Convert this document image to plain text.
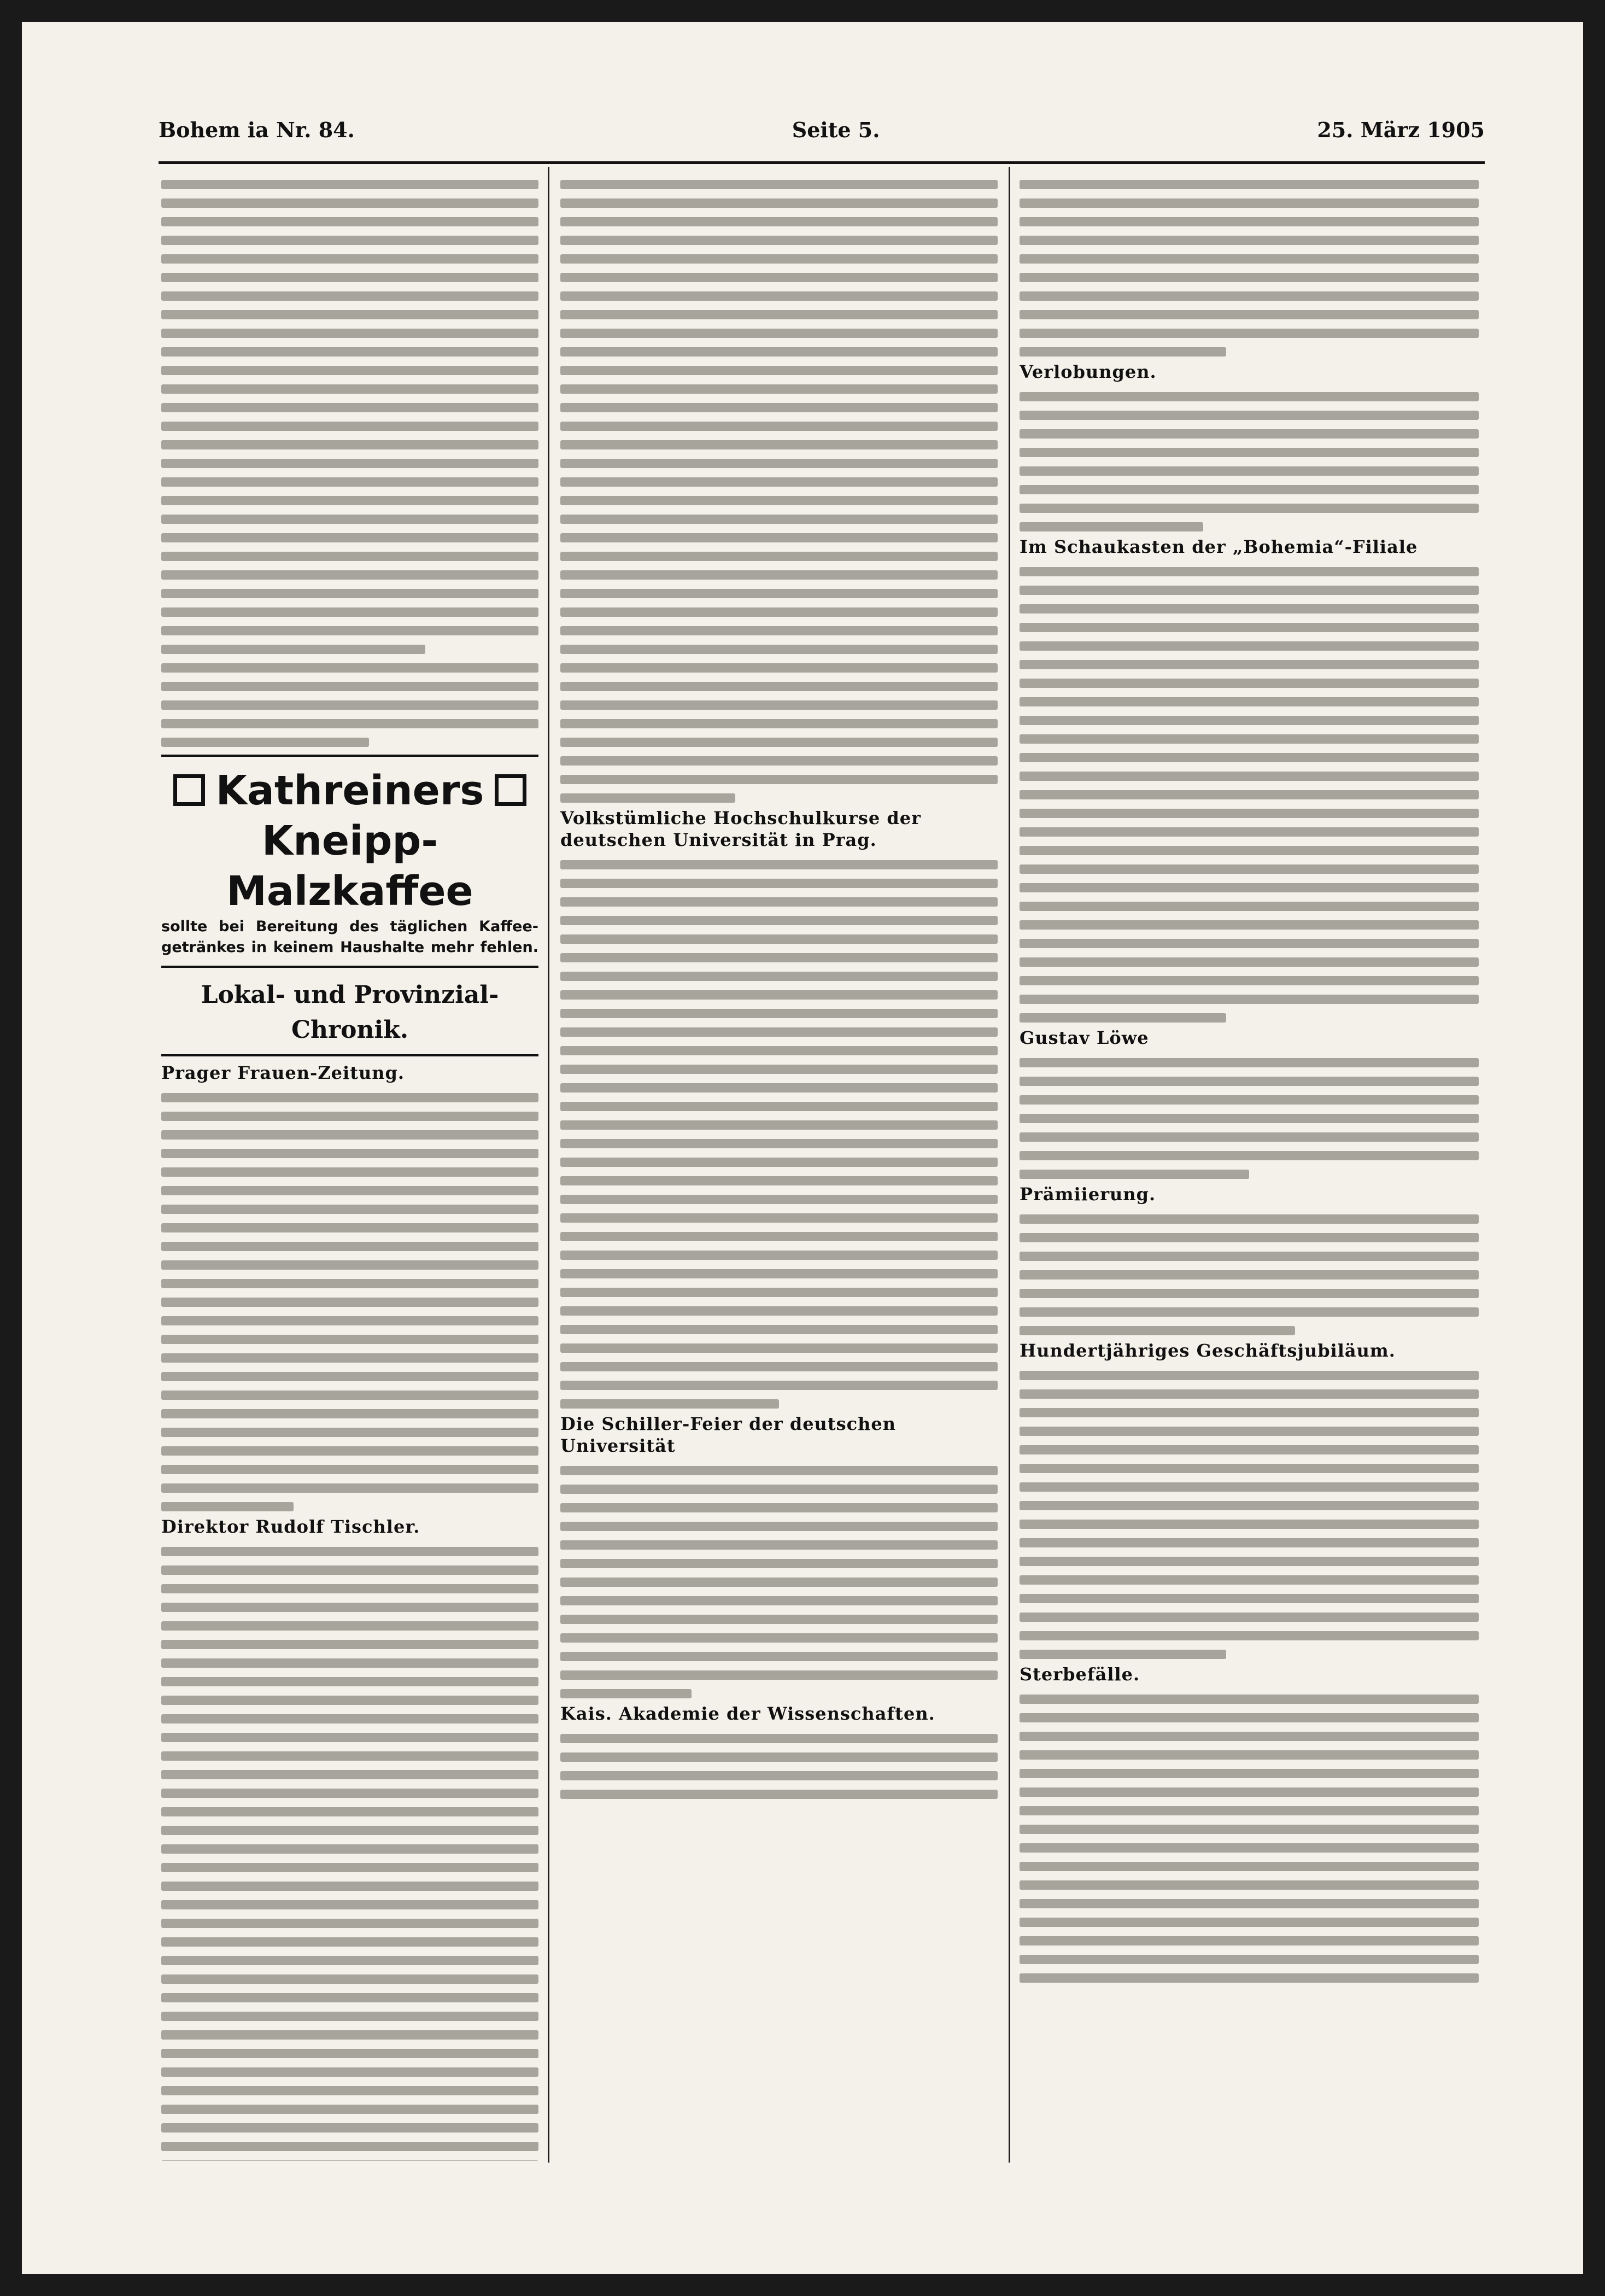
Bohem ia Nr. 84.	Seite 5.	25. März 1905
Kathreiners
Kneipp-Malzkaffee
sollte bei Bereitung des täglichen Kaffee-
getränkes in keinem Haushalte mehr fehlen.
Lokal- und Provinzial-Chronik.
Prager Frauen-Zeitung.
Direktor Rudolf Tischler.
Volkstümliche Hochschulkurse der deutschen Universität in Prag.
Die Schiller-Feier der deutschen Universität
Kais. Akademie der Wissenschaften.
Verlobungen.
Im Schaukasten der „Bohemia“-Filiale
Gustav Löwe
Prämiierung.
Hundertjähriges Geschäftsjubiläum.
Sterbefälle.
